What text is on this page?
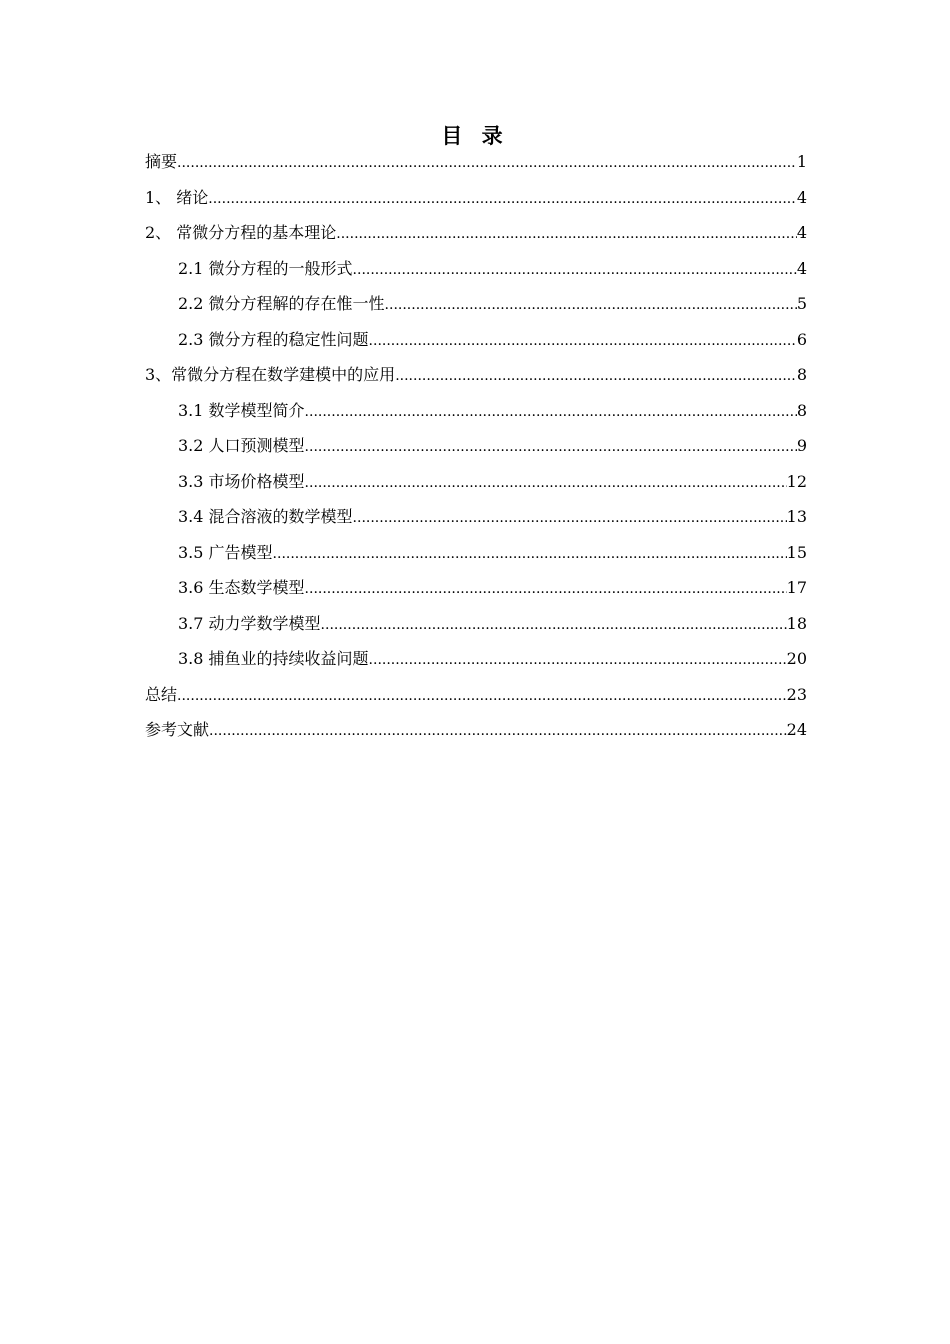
目 录
摘要 .....	1
1、 绪论 .....	4
2、 常微分方程的基本理论 .....	4
2.1 微分方程的一般形式 .....	4
2.2 微分方程解的存在惟一性 .....	5
2.3 微分方程的稳定性问题 .....	6
3、常微分方程在数学建模中的应用 .....	8
3.1 数学模型简介 .....	8
3.2 人口预测模型 .....	9
3.3 市场价格模型 .....	12
3.4 混合溶液的数学模型 .....	13
3.5 广告模型 .....	15
3.6 生态数学模型 .....	17
3.7 动力学数学模型 .....	18
3.8 捕鱼业的持续收益问题 .....	20
总结 .....	23
参考文献 .....	24
